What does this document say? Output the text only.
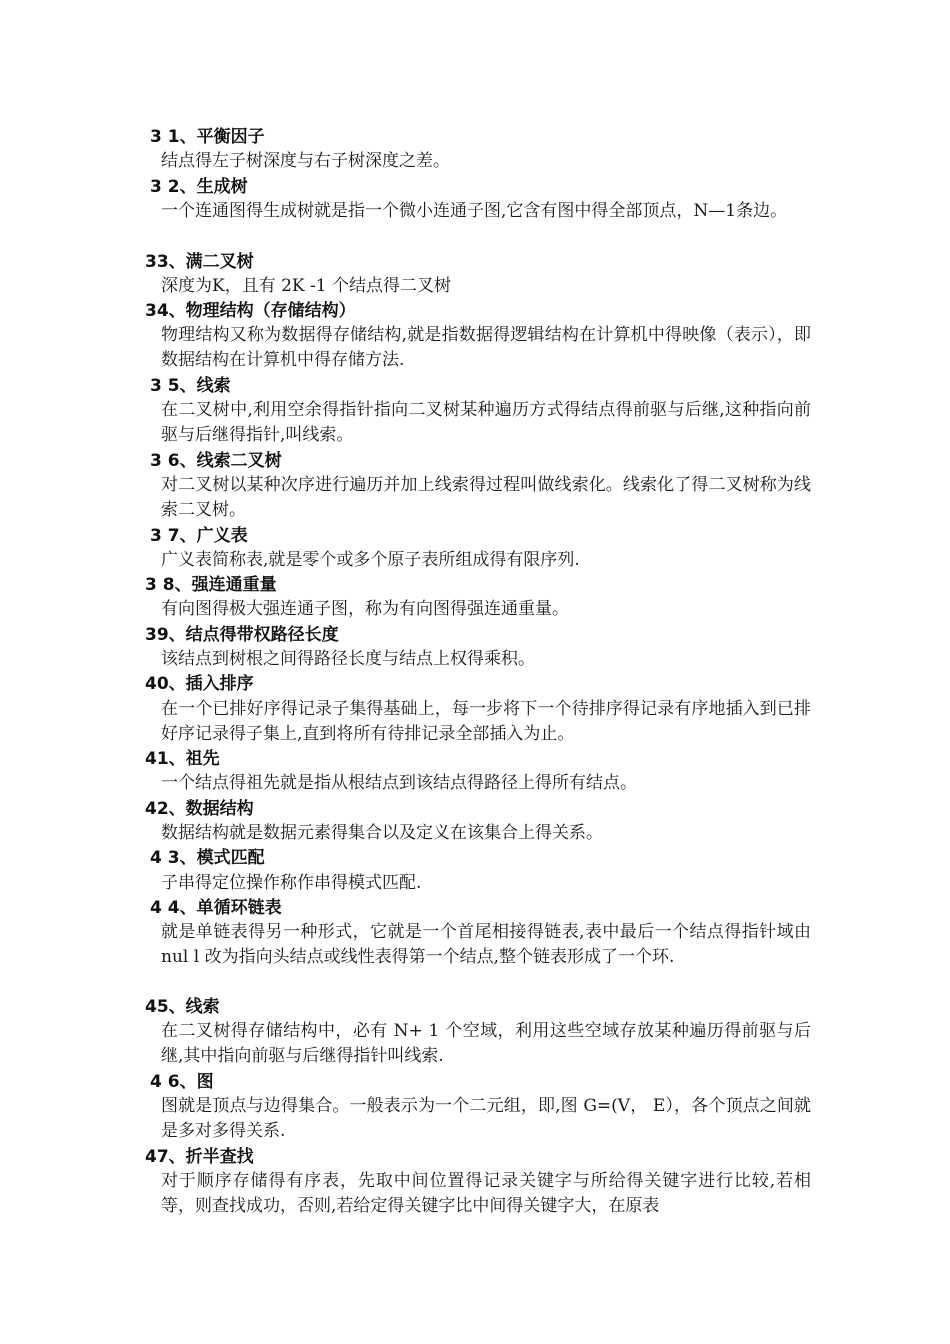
3 1、平衡因子
结点得左子树深度与右子树深度之差。
3 2、生成树
一个连通图得生成树就是指一个微小连通子图,它含有图中得全部顶点，N—1条边。
33、满二叉树
深度为K，且有 2K -1 个结点得二叉树
34、物理结构（存储结构）
物理结构又称为数据得存储结构,就是指数据得逻辑结构在计算机中得映像（表示），即数据结构在计算机中得存储方法.
3 5、线索
在二叉树中,利用空余得指针指向二叉树某种遍历方式得结点得前驱与后继,这种指向前驱与后继得指针,叫线索。
3 6、线索二叉树
对二叉树以某种次序进行遍历并加上线索得过程叫做线索化。线索化了得二叉树称为线索二叉树。
3 7、广义表
广义表简称表,就是零个或多个原子表所组成得有限序列.
3 8、强连通重量
有向图得极大强连通子图，称为有向图得强连通重量。
39、结点得带权路径长度
该结点到树根之间得路径长度与结点上权得乘积。
40、插入排序
在一个已排好序得记录子集得基础上，每一步将下一个待排序得记录有序地插入到已排好序记录得子集上,直到将所有待排记录全部插入为止。
41、祖先
一个结点得祖先就是指从根结点到该结点得路径上得所有结点。
42、数据结构
数据结构就是数据元素得集合以及定义在该集合上得关系。
4 3、模式匹配
子串得定位操作称作串得模式匹配.
4 4、单循环链表
就是单链表得另一种形式，它就是一个首尾相接得链表,表中最后一个结点得指针域由 nul l 改为指向头结点或线性表得第一个结点,整个链表形成了一个环.
45、线索
在二叉树得存储结构中，必有 N+ 1 个空域，利用这些空域存放某种遍历得前驱与后继,其中指向前驱与后继得指针叫线索.
4 6、图
图就是顶点与边得集合。一般表示为一个二元组，即,图 G=(V， E），各个顶点之间就是多对多得关系.
47、折半查找
对于顺序存储得有序表，先取中间位置得记录关键字与所给得关键字进行比较,若相等，则查找成功，否则,若给定得关键字比中间得关键字大，在原表
